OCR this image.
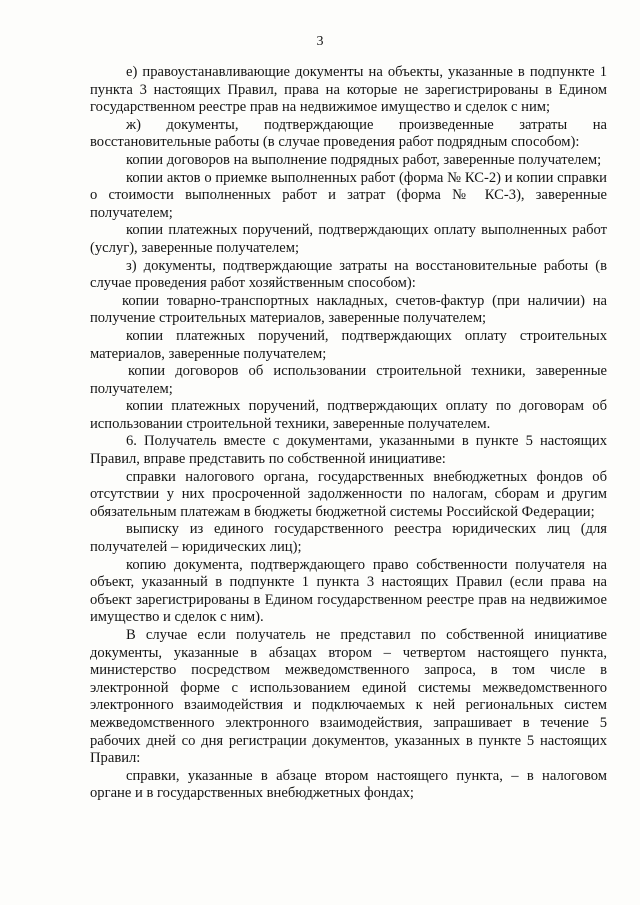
3

е) правоустанавливающие документы на объекты, указанные в подпункте 1 пункта 3 настоящих Правил, права на которые не зарегистрированы в Едином государственном реестре прав на недвижимое имущество и сделок с ним;

ж) документы, подтверждающие произведенные затраты на восстановительные работы (в случае проведения работ подрядным способом):

копии договоров на выполнение подрядных работ, заверенные получателем;

копии актов о приемке выполненных работ (форма № КС-2) и копии справки о стоимости выполненных работ и затрат (форма № КС-3), заверенные получателем;

копии платежных поручений, подтверждающих оплату выполненных работ (услуг), заверенные получателем;

з) документы, подтверждающие затраты на восстановительные работы (в случае проведения работ хозяйственным способом):

копии товарно-транспортных накладных, счетов-фактур (при наличии) на получение строительных материалов, заверенные получателем;

копии платежных поручений, подтверждающих оплату строительных материалов, заверенные получателем;

копии договоров об использовании строительной техники, заверенные получателем;

копии платежных поручений, подтверждающих оплату по договорам об использовании строительной техники, заверенные получателем.

6. Получатель вместе с документами, указанными в пункте 5 настоящих Правил, вправе представить по собственной инициативе:

справки налогового органа, государственных внебюджетных фондов об отсутствии у них просроченной задолженности по налогам, сборам и другим обязательным платежам в бюджеты бюджетной системы Российской Федерации;

выписку из единого государственного реестра юридических лиц (для получателей – юридических лиц);

копию документа, подтверждающего право собственности получателя на объект, указанный в подпункте 1 пункта 3 настоящих Правил (если права на объект зарегистрированы в Едином государственном реестре прав на недвижимое имущество и сделок с ним).

В случае если получатель не представил по собственной инициативе документы, указанные в абзацах втором – четвертом настоящего пункта, министерство посредством межведомственного запроса, в том числе в электронной форме с использованием единой системы межведомственного электронного взаимодействия и подключаемых к ней региональных систем межведомственного электронного взаимодействия, запрашивает в течение 5 рабочих дней со дня регистрации документов, указанных в пункте 5 настоящих Правил:

справки, указанные в абзаце втором настоящего пункта, – в налоговом органе и в государственных внебюджетных фондах;
